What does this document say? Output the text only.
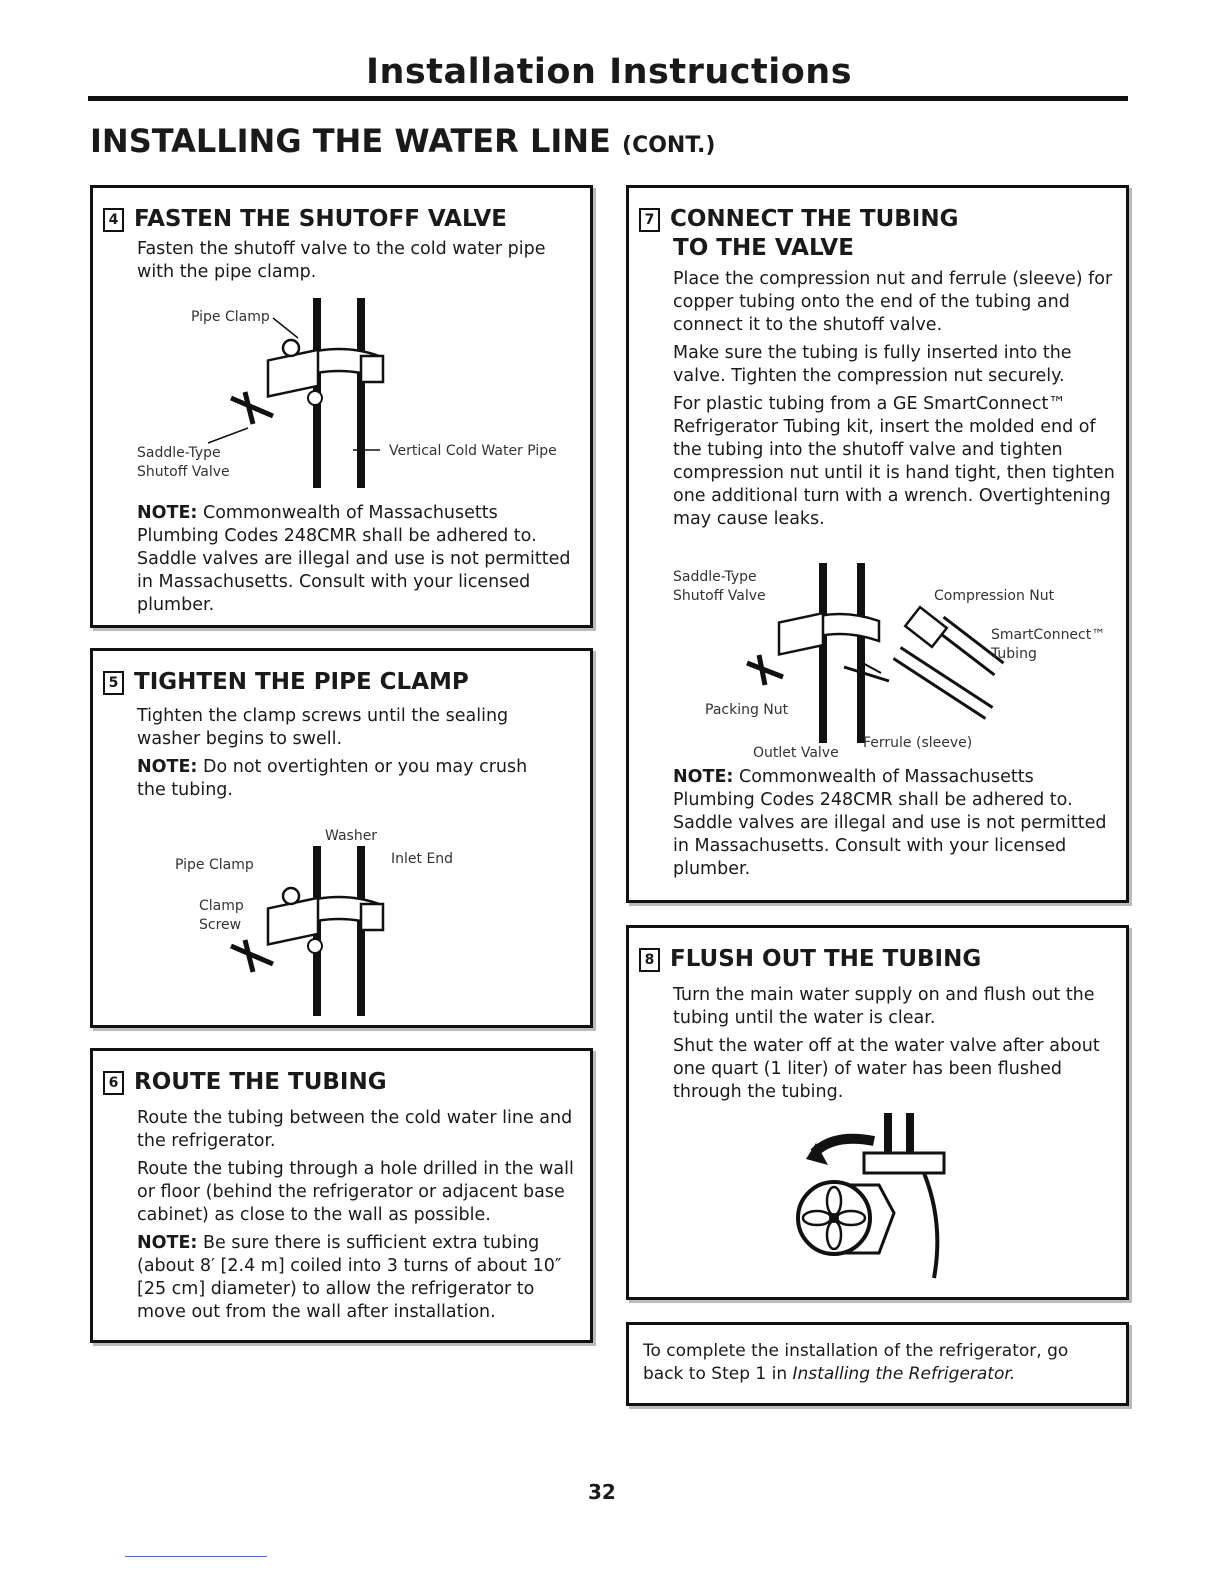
Installation Instructions
INSTALLING THE WATER LINE (CONT.)
4 FASTEN THE SHUTOFF VALVE

Fasten the shutoff valve to the cold water pipe with the pipe clamp.

Pipe Clamp
Saddle-Type
Shutoff Valve
Vertical Cold Water Pipe

NOTE: Commonwealth of Massachusetts Plumbing Codes 248CMR shall be adhered to. Saddle valves are illegal and use is not permitted in Massachusetts. Consult with your licensed plumber.

5 TIGHTEN THE PIPE CLAMP

Tighten the clamp screws until the sealing washer begins to swell.

NOTE: Do not overtighten or you may crush the tubing.

Washer
Pipe Clamp	Inlet End
Clamp
Screw
6 ROUTE THE TUBING

Route the tubing between the cold water line and the refrigerator.

Route the tubing through a hole drilled in the wall or floor (behind the refrigerator or adjacent base cabinet) as close to the wall as possible.

NOTE: Be sure there is sufficient extra tubing (about 8′ [2.4 m] coiled into 3 turns of about 10″ [25 cm] diameter) to allow the refrigerator to move out from the wall after installation.

7 CONNECT THE TUBING
TO THE VALVE

Place the compression nut and ferrule (sleeve) for copper tubing onto the end of the tubing and connect it to the shutoff valve.

Make sure the tubing is fully inserted into the valve. Tighten the compression nut securely.

For plastic tubing from a GE SmartConnect™ Refrigerator Tubing kit, insert the molded end of the tubing into the shutoff valve and tighten compression nut until it is hand tight, then tighten one additional turn with a wrench. Overtightening may cause leaks.

Saddle-Type
Shutoff Valve	Compression Nut
SmartConnect™
Tubing
Packing Nut
Outlet Valve
Ferrule (sleeve)

NOTE: Commonwealth of Massachusetts Plumbing Codes 248CMR shall be adhered to. Saddle valves are illegal and use is not permitted in Massachusetts. Consult with your licensed plumber.

8 FLUSH OUT THE TUBING

Turn the main water supply on and flush out the tubing until the water is clear.

Shut the water off at the water valve after about one quart (1 liter) of water has been flushed through the tubing.

To complete the installation of the refrigerator, go back to Step 1 in Installing the Refrigerator.
32
